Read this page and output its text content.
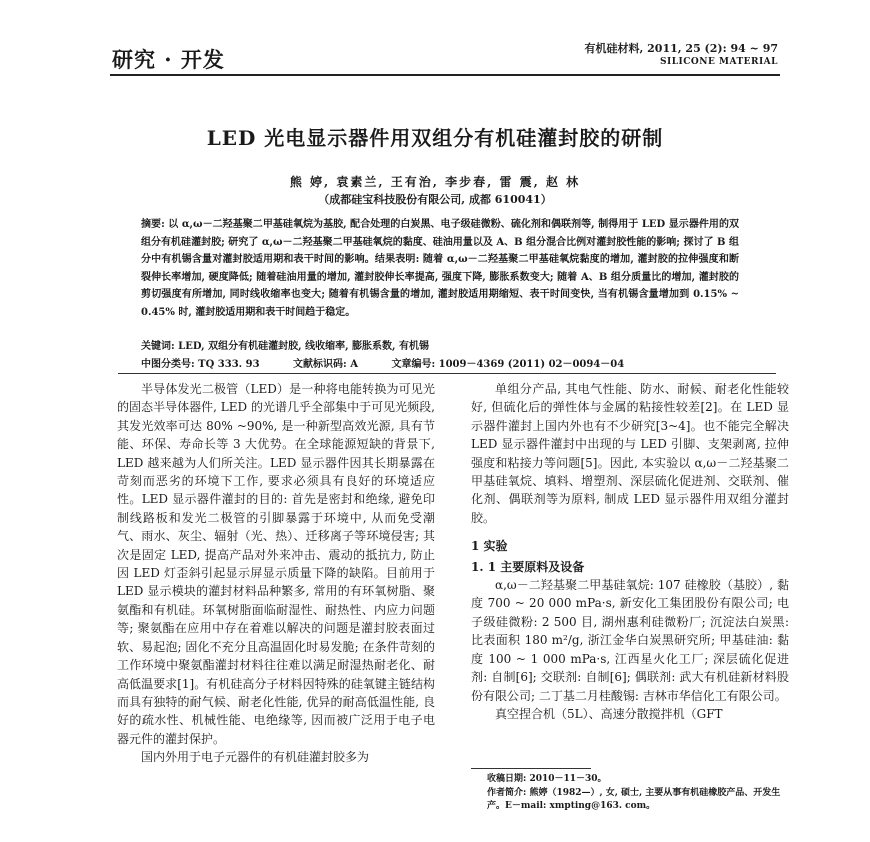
研究 · 开发	有机硅材料, 2011, 25 (2): 94 ~ 97
SILICONE MATERIAL
LED 光电显示器件用双组分有机硅灌封胶的研制
熊 婷, 袁素兰, 王有治, 李步春, 雷 震, 赵 林
（成都硅宝科技股份有限公司, 成都 610041）
摘要: 以 α,ω－二羟基聚二甲基硅氧烷为基胶, 配合处理的白炭黑、电子级硅微粉、硫化剂和偶联剂等, 制得用于 LED 显示器件用的双组分有机硅灌封胶; 研究了 α,ω－二羟基聚二甲基硅氧烷的黏度、硅油用量以及 A、B 组分混合比例对灌封胶性能的影响; 探讨了 B 组分中有机锡含量对灌封胶适用期和表干时间的影响。结果表明: 随着 α,ω－二羟基聚二甲基硅氧烷黏度的增加, 灌封胶的拉伸强度和断裂伸长率增加, 硬度降低; 随着硅油用量的增加, 灌封胶伸长率提高, 强度下降, 膨胀系数变大; 随着 A、B 组分质量比的增加, 灌封胶的剪切强度有所增加, 同时线收缩率也变大; 随着有机锡含量的增加, 灌封胶适用期缩短、表干时间变快, 当有机锡含量增加到 0.15% ~ 0.45% 时, 灌封胶适用期和表干时间趋于稳定。
关键词: LED, 双组分有机硅灌封胶, 线收缩率, 膨胀系数, 有机锡
中图分类号: TQ 333. 93	文献标识码: A	文章编号: 1009－4369 (2011) 02－0094－04

半导体发光二极管（LED）是一种将电能转换为可见光的固态半导体器件, LED 的光谱几乎全部集中于可见光频段, 其发光效率可达 80% ~90%, 是一种新型高效光源, 具有节能、环保、寿命长等 3 大优势。在全球能源短缺的背景下, LED 越来越为人们所关注。LED 显示器件因其长期暴露在苛刻而恶劣的环境下工作, 要求必须具有良好的环境适应性。LED 显示器件灌封的目的: 首先是密封和绝缘, 避免印制线路板和发光二极管的引脚暴露于环境中, 从而免受潮气、雨水、灰尘、辐射（光、热）、迁移离子等环境侵害; 其次是固定 LED, 提高产品对外来冲击、震动的抵抗力, 防止因 LED 灯歪斜引起显示屏显示质量下降的缺陷。目前用于 LED 显示模块的灌封材料品种繁多, 常用的有环氧树脂、聚氨酯和有机硅。环氧树脂面临耐湿性、耐热性、内应力问题等; 聚氨酯在应用中存在着难以解决的问题是灌封胶表面过软、易起泡; 固化不充分且高温固化时易发脆; 在条件苛刻的工作环境中聚氨酯灌封材料往往难以满足耐湿热耐老化、耐高低温要求[1]。有机硅高分子材料因特殊的硅氧键主链结构而具有独特的耐气候、耐老化性能, 优异的耐高低温性能, 良好的疏水性、机械性能、电绝缘等, 因而被广泛用于电子电器元件的灌封保护。

国内外用于电子元器件的有机硅灌封胶多为

单组分产品, 其电气性能、防水、耐候、耐老化性能较好, 但硫化后的弹性体与金属的粘接性较差[2]。在 LED 显示器件灌封上国内外也有不少研究[3~4]。也不能完全解决 LED 显示器件灌封中出现的与 LED 引脚、支架剥离, 拉伸强度和粘接力等问题[5]。因此, 本实验以 α,ω－二羟基聚二甲基硅氧烷、填料、增塑剂、深层硫化促进剂、交联剂、催化剂、偶联剂等为原料, 制成 LED 显示器件用双组分灌封胶。

1 实验
1. 1 主要原料及设备

α,ω－二羟基聚二甲基硅氧烷: 107 硅橡胶（基胶）, 黏度 700 ~ 20 000 mPa·s, 新安化工集团股份有限公司; 电子级硅微粉: 2 500 目, 湖州惠利硅微粉厂; 沉淀法白炭黑: 比表面积 180 m²/g, 浙江金华白炭黑研究所; 甲基硅油: 黏度 100 ~ 1 000 mPa·s, 江西星火化工厂; 深层硫化促进剂: 自制[6]; 交联剂: 自制[6]; 偶联剂: 武大有机硅新材料股份有限公司; 二丁基二月桂酸锡: 吉林市华信化工有限公司。

真空捏合机（5L）、高速分散搅拌机（GFT

收稿日期: 2010－11－30。
作者简介: 熊婷（1982—）, 女, 硕士, 主要从事有机硅橡胶产品、开发生产。E－mail: xmpting@163. com。
